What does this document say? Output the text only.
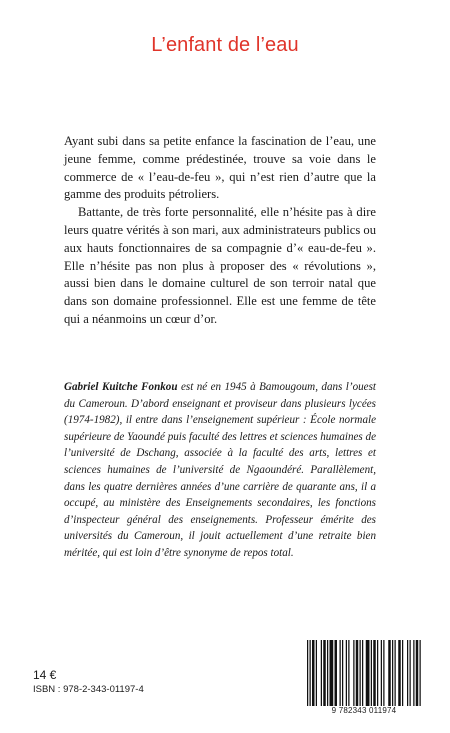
L’enfant de l’eau

Ayant subi dans sa petite enfance la fascination de l’eau, une jeune femme, comme prédestinée, trouve sa voie dans le commerce de « l’eau-de-feu », qui n’est rien d’autre que la gamme des produits pétroliers.

Battante, de très forte personnalité, elle n’hésite pas à dire leurs quatre vérités à son mari, aux administrateurs publics ou aux hauts fonctionnaires de sa compagnie d’« eau-de-feu ». Elle n’hésite pas non plus à proposer des « révolutions », aussi bien dans le domaine culturel de son terroir natal que dans son domaine professionnel. Elle est une femme de tête qui a néanmoins un cœur d’or.

Gabriel Kuitche Fonkou est né en 1945 à Bamougoum, dans l’ouest du Cameroun. D’abord enseignant et proviseur dans plusieurs lycées (1974-1982), il entre dans l’enseignement supérieur : École normale supérieure de Yaoundé puis faculté des lettres et sciences humaines de l’université de Dschang, associée à la faculté des arts, lettres et sciences humaines de l’université de Ngaoundéré. Parallèlement, dans les quatre dernières années d’une carrière de quarante ans, il a occupé, au ministère des Enseignements secondaires, les fonctions d’inspecteur général des enseignements. Professeur émérite des universités du Cameroun, il jouit actuellement d’une retraite bien méritée, qui est loin d’être synonyme de repos total.
14 €
ISBN : 978-2-343-01197-4
9 782343 011974
